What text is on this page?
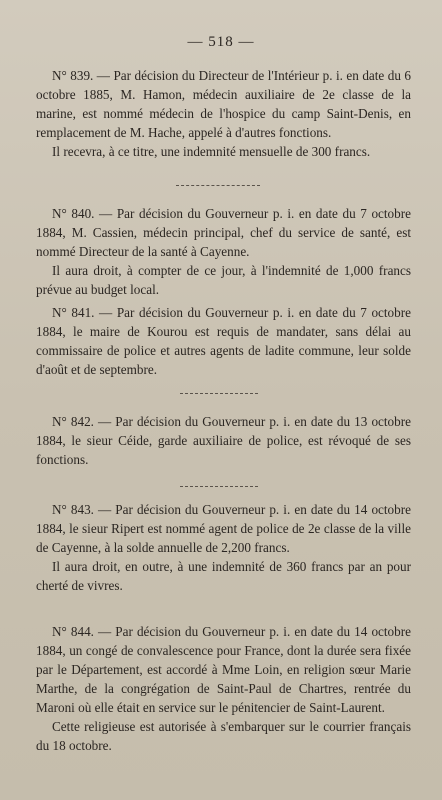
— 518 —

N° 839. — Par décision du Directeur de l'Intérieur p. i. en date du 6 octobre 1885, M. Hamon, médecin auxiliaire de 2e classe de la marine, est nommé médecin de l'hospice du camp Saint-Denis, en remplacement de M. Hache, appelé à d'autres fonctions.

Il recevra, à ce titre, une indemnité mensuelle de 300 francs.

N° 840. — Par décision du Gouverneur p. i. en date du 7 octobre 1884, M. Cassien, médecin principal, chef du service de santé, est nommé Directeur de la santé à Cayenne.

Il aura droit, à compter de ce jour, à l'indemnité de 1,000 francs prévue au budget local.

N° 841. — Par décision du Gouverneur p. i. en date du 7 octobre 1884, le maire de Kourou est requis de mandater, sans délai au commissaire de police et autres agents de ladite commune, leur solde d'août et de septembre.

N° 842. — Par décision du Gouverneur p. i. en date du 13 octobre 1884, le sieur Céide, garde auxiliaire de police, est révoqué de ses fonctions.

N° 843. — Par décision du Gouverneur p. i. en date du 14 octobre 1884, le sieur Ripert est nommé agent de police de 2e classe de la ville de Cayenne, à la solde annuelle de 2,200 francs.

Il aura droit, en outre, à une indemnité de 360 francs par an pour cherté de vivres.

N° 844. — Par décision du Gouverneur p. i. en date du 14 octobre 1884, un congé de convalescence pour France, dont la durée sera fixée par le Département, est accordé à Mme Loin, en religion sœur Marie Marthe, de la congrégation de Saint-Paul de Chartres, rentrée du Maroni où elle était en service sur le pénitencier de Saint-Laurent.

Cette religieuse est autorisée à s'embarquer sur le courrier français du 18 octobre.
